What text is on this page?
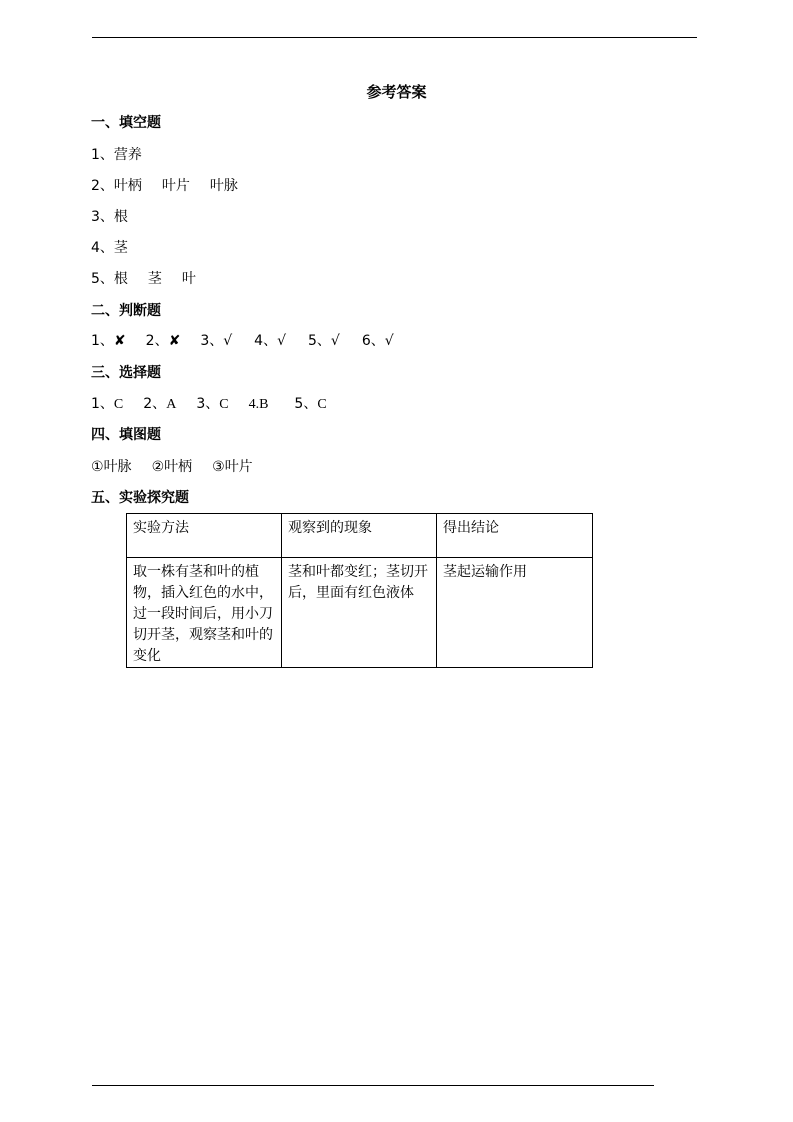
参考答案
一、填空题
1、营养
2、叶柄 叶片 叶脉
3、根
4、茎
5、根 茎 叶
二、判断题
1、✘ 2、✘ 3、√ 4、√ 5、√ 6、√
三、选择题
1、C 2、A 3、C 4.B 5、C
四、填图题
①叶脉 ②叶柄 ③叶片
五、实验探究题
实验方法	观察到的现象	得出结论
取一株有茎和叶的植物，插入红色的水中，过一段时间后，用小刀切开茎，观察茎和叶的变化	茎和叶都变红；茎切开后，里面有红色液体	茎起运输作用
